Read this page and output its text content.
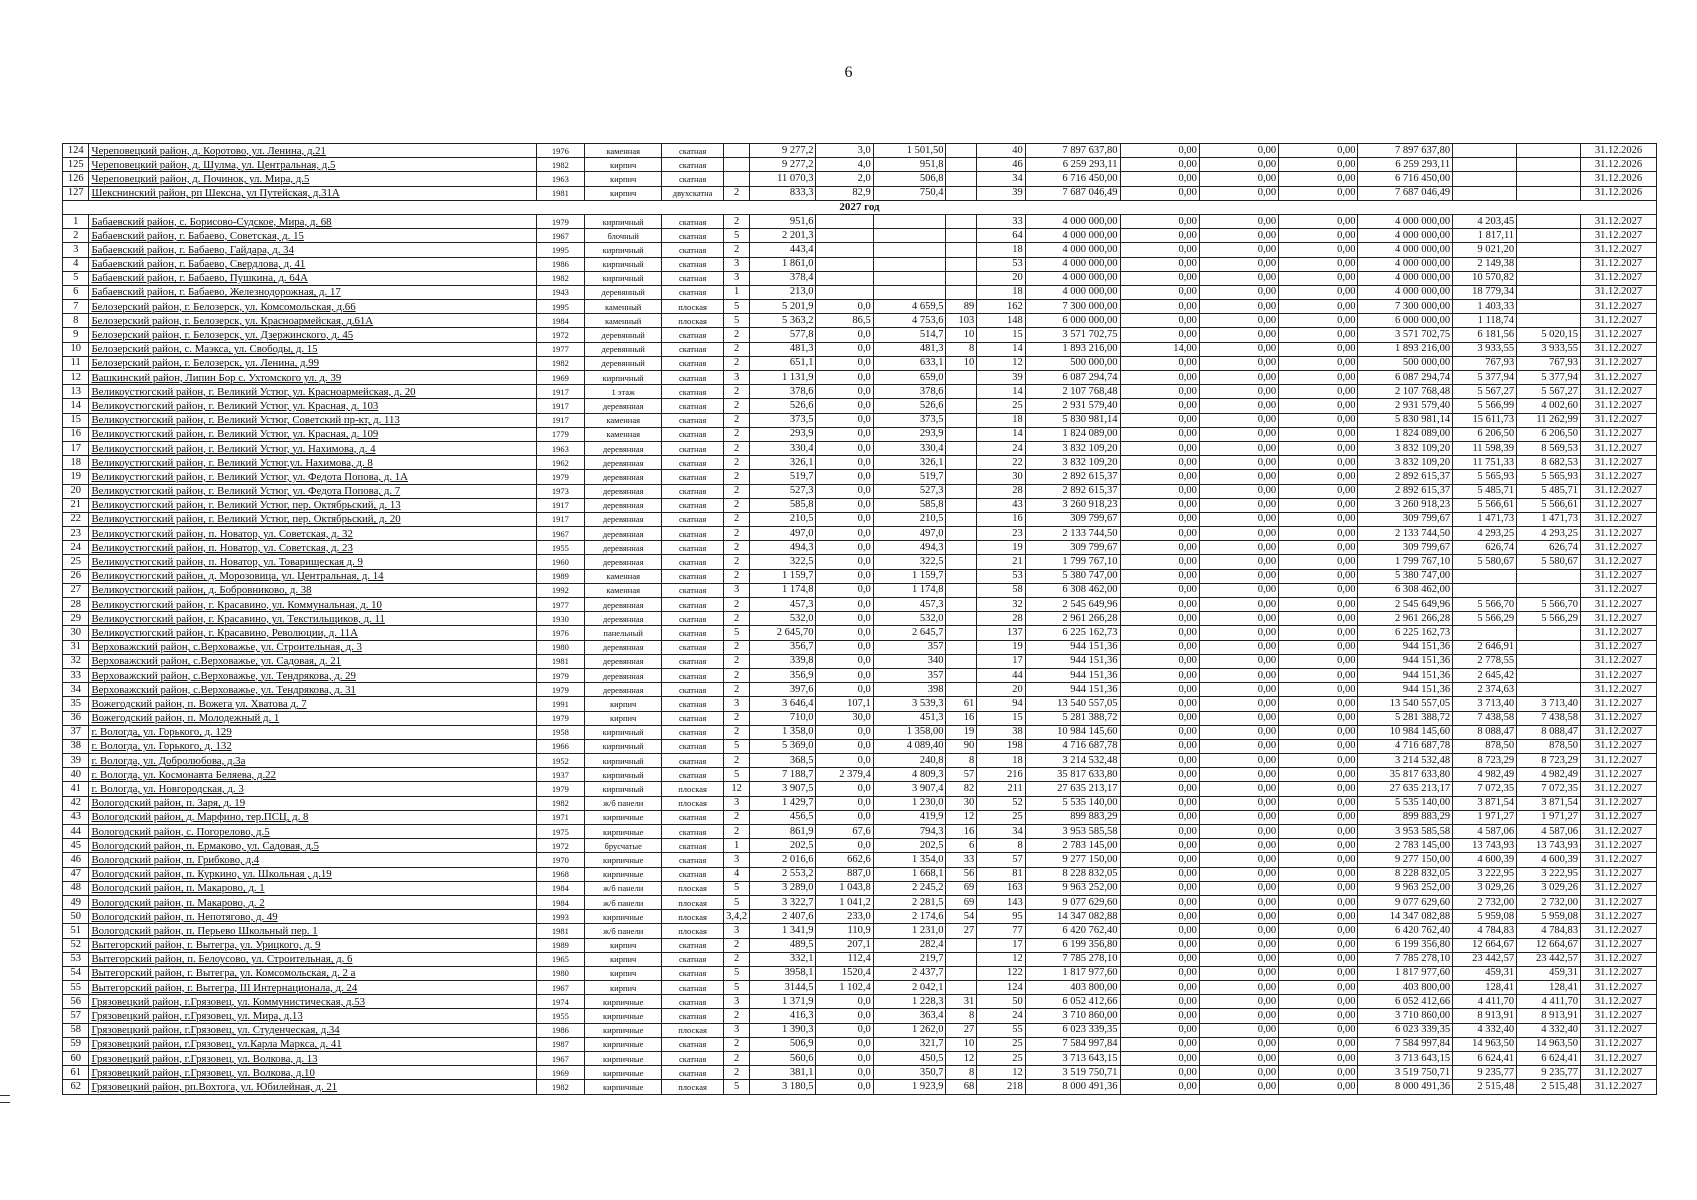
6
124	Череповецкий район, д. Коротово, ул. Ленина, д.21	1976	каменная	скатная		9 277,2	3,0	1 501,50		40	7 897 637,80	0,00	0,00	0,00	7 897 637,80			31.12.2026
125	Череповецкий район, д. Шулма, ул. Центральная, д.5	1982	кирпич	скатная		9 277,2	4,0	951,8		46	6 259 293,11	0,00	0,00	0,00	6 259 293,11			31.12.2026
126	Череповецкий район, д. Починок, ул. Мира, д.5	1963	кирпич	скатная		11 070,3	2,0	506,8		34	6 716 450,00	0,00	0,00	0,00	6 716 450,00			31.12.2026
127	Шекснинский район, рп Шексна, ул Путейская, д.31А	1981	кирпич	двухскатна	2	833,3	82,9	750,4		39	7 687 046,49	0,00	0,00	0,00	7 687 046,49			31.12.2026
2027 год																		
1	Бабаевский район, с. Борисово-Судское, Мира, д. 68	1979	кирпичный	скатная	2	951,6				33	4 000 000,00	0,00	0,00	0,00	4 000 000,00	4 203,45		31.12.2027
2	Бабаевский район, г. Бабаево, Советская, д. 15	1967	блочный	скатная	5	2 201,3				64	4 000 000,00	0,00	0,00	0,00	4 000 000,00	1 817,11		31.12.2027
3	Бабаевский район, г. Бабаево, Гайдара, д. 34	1995	кирпичный	скатная	2	443,4				18	4 000 000,00	0,00	0,00	0,00	4 000 000,00	9 021,20		31.12.2027
4	Бабаевский район, г. Бабаево, Свердлова, д. 41	1986	кирпичный	скатная	3	1 861,0				53	4 000 000,00	0,00	0,00	0,00	4 000 000,00	2 149,38		31.12.2027
5	Бабаевский район, г. Бабаево, Пушкина, д. 64А	1982	кирпичный	скатная	3	378,4				20	4 000 000,00	0,00	0,00	0,00	4 000 000,00	10 570,82		31.12.2027
6	Бабаевский район, г. Бабаево, Железнодорожная, д. 17	1943	деревянный	скатная	1	213,0				18	4 000 000,00	0,00	0,00	0,00	4 000 000,00	18 779,34		31.12.2027
7	Белозерский район, г. Белозерск, ул. Комсомольская, д.66	1995	каменный	плоская	5	5 201,9	0,0	4 659,5	89	162	7 300 000,00	0,00	0,00	0,00	7 300 000,00	1 403,33		31.12.2027
8	Белозерский район, г. Белозерск, ул. Красноармейская, д.61А	1984	каменный	плоская	5	5 363,2	86,5	4 753,6	103	148	6 000 000,00	0,00	0,00	0,00	6 000 000,00	1 118,74		31.12.2027
9	Белозерский район, г. Белозерск, ул. Дзержинского, д. 45	1972	деревянный	скатная	2	577,8	0,0	514,7	10	15	3 571 702,75	0,00	0,00	0,00	3 571 702,75	6 181,56	5 020,15	31.12.2027
10	Белозерский район, с. Маэкса, ул. Свободы, д. 15	1977	деревянный	скатная	2	481,3	0,0	481,3	8	14	1 893 216,00	14,00	0,00	0,00	1 893 216,00	3 933,55	3 933,55	31.12.2027
11	Белозерский район, г. Белозерск, ул. Ленина, д.99	1982	деревянный	скатная	2	651,1	0,0	633,1	10	12	500 000,00	0,00	0,00	0,00	500 000,00	767,93	767,93	31.12.2027
12	Вашкинский район, Липин Бор с. Ухтомского ул. д. 39	1969	кирпичный	скатная	3	1 131,9	0,0	659,0		39	6 087 294,74	0,00	0,00	0,00	6 087 294,74	5 377,94	5 377,94	31.12.2027
13	Великоустюгский район, г. Великий Устюг, ул. Красноармейская, д. 20	1917	1 этаж	скатная	2	378,6	0,0	378,6		14	2 107 768,48	0,00	0,00	0,00	2 107 768,48	5 567,27	5 567,27	31.12.2027
14	Великоустюгский район, г. Великий Устюг, ул. Красная, д. 103	1917	деревянная	скатная	2	526,6	0,0	526,6		25	2 931 579,40	0,00	0,00	0,00	2 931 579,40	5 566,99	4 002,60	31.12.2027
15	Великоустюгский район, г. Великий Устюг, Советский пр-кт, д. 113	1917	каменная	скатная	2	373,5	0,0	373,5		18	5 830 981,14	0,00	0,00	0,00	5 830 981,14	15 611,73	11 262,99	31.12.2027
16	Великоустюгский район, г. Великий Устюг, ул. Красная, д. 109	1779	каменная	скатная	2	293,9	0,0	293,9		14	1 824 089,00	0,00	0,00	0,00	1 824 089,00	6 206,50	6 206,50	31.12.2027
17	Великоустюгский район, г. Великий Устюг, ул. Нахимова, д. 4	1963	деревянная	скатная	2	330,4	0,0	330,4		24	3 832 109,20	0,00	0,00	0,00	3 832 109,20	11 598,39	8 569,53	31.12.2027
18	Великоустюгский район, г. Великий Устюг,ул. Нахимова, д. 8	1962	деревянная	скатная	2	326,1	0,0	326,1		22	3 832 109,20	0,00	0,00	0,00	3 832 109,20	11 751,33	8 682,53	31.12.2027
19	Великоустюгский район, г. Великий Устюг, ул. Федота Попова, д. 1А	1979	деревянная	скатная	2	519,7	0,0	519,7		30	2 892 615,37	0,00	0,00	0,00	2 892 615,37	5 565,93	5 565,93	31.12.2027
20	Великоустюгский район, г. Великий Устюг, ул. Федота Попова, д. 7	1973	деревянная	скатная	2	527,3	0,0	527,3		28	2 892 615,37	0,00	0,00	0,00	2 892 615,37	5 485,71	5 485,71	31.12.2027
21	Великоустюгский район, г. Великий Устюг, пер. Октябрьский, д. 13	1917	деревянная	скатная	2	585,8	0,0	585,8		43	3 260 918,23	0,00	0,00	0,00	3 260 918,23	5 566,61	5 566,61	31.12.2027
22	Великоустюгский район, г. Великий Устюг, пер. Октябрьский, д. 20	1917	деревянная	скатная	2	210,5	0,0	210,5		16	309 799,67	0,00	0,00	0,00	309 799,67	1 471,73	1 471,73	31.12.2027
23	Великоустюгский район, п. Новатор, ул. Советская, д. 32	1967	деревянная	скатная	2	497,0	0,0	497,0		23	2 133 744,50	0,00	0,00	0,00	2 133 744,50	4 293,25	4 293,25	31.12.2027
24	Великоустюгский район, п. Новатор, ул. Советская, д. 23	1955	деревянная	скатная	2	494,3	0,0	494,3		19	309 799,67	0,00	0,00	0,00	309 799,67	626,74	626,74	31.12.2027
25	Великоустюгский район, п. Новатор, ул. Товарищеская д. 9	1960	деревянная	скатная	2	322,5	0,0	322,5		21	1 799 767,10	0,00	0,00	0,00	1 799 767,10	5 580,67	5 580,67	31.12.2027
26	Великоустюгский район, д. Морозовица, ул. Центральная, д. 14	1989	каменная	скатная	2	1 159,7	0,0	1 159,7		53	5 380 747,00	0,00	0,00	0,00	5 380 747,00			31.12.2027
27	Великоустюгский район, д. Бобровниково, д. 38	1992	каменная	скатная	3	1 174,8	0,0	1 174,8		58	6 308 462,00	0,00	0,00	0,00	6 308 462,00			31.12.2027
28	Великоустюгский район, г. Красавино, ул. Коммунальная, д. 10	1977	деревянная	скатная	2	457,3	0,0	457,3		32	2 545 649,96	0,00	0,00	0,00	2 545 649,96	5 566,70	5 566,70	31.12.2027
29	Великоустюгский район, г. Красавино, ул. Текстильщиков, д. 11	1930	деревянная	скатная	2	532,0	0,0	532,0		28	2 961 266,28	0,00	0,00	0,00	2 961 266,28	5 566,29	5 566,29	31.12.2027
30	Великоустюгский район, г. Красавино, Революции, д. 11А	1976	панельный	скатная	5	2 645,70	0,0	2 645,7		137	6 225 162,73	0,00	0,00	0,00	6 225 162,73			31.12.2027
31	Верховажский район, с.Верховажье, ул. Строительная, д. 3	1980	деревянная	скатная	2	356,7	0,0	357		19	944 151,36	0,00	0,00	0,00	944 151,36	2 646,91		31.12.2027
32	Верховажский район, с.Верховажье, ул. Садовая, д. 21	1981	деревянная	скатная	2	339,8	0,0	340		17	944 151,36	0,00	0,00	0,00	944 151,36	2 778,55		31.12.2027
33	Верховажский район, с.Верховажье, ул. Тендрякова, д. 29	1979	деревянная	скатная	2	356,9	0,0	357		44	944 151,36	0,00	0,00	0,00	944 151,36	2 645,42		31.12.2027
34	Верховажский район, с.Верховажье, ул. Тендрякова, д. 31	1979	деревянная	скатная	2	397,6	0,0	398		20	944 151,36	0,00	0,00	0,00	944 151,36	2 374,63		31.12.2027
35	Вожегодский район, п. Вожега ул. Хватова д. 7	1991	кирпич	скатная	3	3 646,4	107,1	3 539,3	61	94	13 540 557,05	0,00	0,00	0,00	13 540 557,05	3 713,40	3 713,40	31.12.2027
36	Вожегодский район, п. Молодежный д. 1	1979	кирпич	скатная	2	710,0	30,0	451,3	16	15	5 281 388,72	0,00	0,00	0,00	5 281 388,72	7 438,58	7 438,58	31.12.2027
37	г. Вологда, ул. Горького, д. 129	1958	кирпичный	скатная	2	1 358,0	0,0	1 358,00	19	38	10 984 145,60	0,00	0,00	0,00	10 984 145,60	8 088,47	8 088,47	31.12.2027
38	г. Вологда, ул. Горького, д. 132	1966	кирпичный	скатная	5	5 369,0	0,0	4 089,40	90	198	4 716 687,78	0,00	0,00	0,00	4 716 687,78	878,50	878,50	31.12.2027
39	г. Вологда, ул. Добролюбова, д.3а	1952	кирпичный	скатная	2	368,5	0,0	240,8	8	18	3 214 532,48	0,00	0,00	0,00	3 214 532,48	8 723,29	8 723,29	31.12.2027
40	г. Вологда, ул. Космонавта Беляева, д.22	1937	кирпичный	скатная	5	7 188,7	2 379,4	4 809,3	57	216	35 817 633,80	0,00	0,00	0,00	35 817 633,80	4 982,49	4 982,49	31.12.2027
41	г. Вологда, ул. Новгородская, д. 3	1979	кирпичный	плоская	12	3 907,5	0,0	3 907,4	82	211	27 635 213,17	0,00	0,00	0,00	27 635 213,17	7 072,35	7 072,35	31.12.2027
42	Вологодский район, п. Заря, д. 19	1982	ж/б панели	плоская	3	1 429,7	0,0	1 230,0	30	52	5 535 140,00	0,00	0,00	0,00	5 535 140,00	3 871,54	3 871,54	31.12.2027
43	Вологодский район, д. Марфино, тер.ПСЦ, д. 8	1971	кирпичные	скатная	2	456,5	0,0	419,9	12	25	899 883,29	0,00	0,00	0,00	899 883,29	1 971,27	1 971,27	31.12.2027
44	Вологодский район, с. Погорелово, д.5	1975	кирпичные	скатная	2	861,9	67,6	794,3	16	34	3 953 585,58	0,00	0,00	0,00	3 953 585,58	4 587,06	4 587,06	31.12.2027
45	Вологодский район, п. Ермаково, ул. Садовая, д.5	1972	брусчатые	скатная	1	202,5	0,0	202,5	6	8	2 783 145,00	0,00	0,00	0,00	2 783 145,00	13 743,93	13 743,93	31.12.2027
46	Вологодский район, п. Грибково, д.4	1970	кирпичные	скатная	3	2 016,6	662,6	1 354,0	33	57	9 277 150,00	0,00	0,00	0,00	9 277 150,00	4 600,39	4 600,39	31.12.2027
47	Вологодский район, п. Куркино, ул. Школьная , д.19	1968	кирпичные	скатная	4	2 553,2	887,0	1 668,1	56	81	8 228 832,05	0,00	0,00	0,00	8 228 832,05	3 222,95	3 222,95	31.12.2027
48	Вологодский район, п. Макарово, д. 1	1984	ж/б панели	плоская	5	3 289,0	1 043,8	2 245,2	69	163	9 963 252,00	0,00	0,00	0,00	9 963 252,00	3 029,26	3 029,26	31.12.2027
49	Вологодский район, п. Макарово, д. 2	1984	ж/б панели	плоская	5	3 322,7	1 041,2	2 281,5	69	143	9 077 629,60	0,00	0,00	0,00	9 077 629,60	2 732,00	2 732,00	31.12.2027
50	Вологодский район, п. Непотягово, д. 49	1993	кирпичные	плоская	3,4,2	2 407,6	233,0	2 174,6	54	95	14 347 082,88	0,00	0,00	0,00	14 347 082,88	5 959,08	5 959,08	31.12.2027
51	Вологодский район, п. Перьево Школьный пер. 1	1981	ж/б панели	плоская	3	1 341,9	110,9	1 231,0	27	77	6 420 762,40	0,00	0,00	0,00	6 420 762,40	4 784,83	4 784,83	31.12.2027
52	Вытегорский район, г. Вытегра, ул. Урицкого, д. 9	1989	кирпич	скатная	2	489,5	207,1	282,4		17	6 199 356,80	0,00	0,00	0,00	6 199 356,80	12 664,67	12 664,67	31.12.2027
53	Вытегорский район, п. Белоусово, ул. Строительная, д. 6	1965	кирпич	скатная	2	332,1	112,4	219,7		12	7 785 278,10	0,00	0,00	0,00	7 785 278,10	23 442,57	23 442,57	31.12.2027
54	Вытегорский район, г. Вытегра, ул. Комсомольская, д. 2 а	1980	кирпич	скатная	5	3958,1	1520,4	2 437,7		122	1 817 977,60	0,00	0,00	0,00	1 817 977,60	459,31	459,31	31.12.2027
55	Вытегорский район, г. Вытегра, III Интернационала, д. 24	1967	кирпич	скатная	5	3144,5	1 102,4	2 042,1		124	403 800,00	0,00	0,00	0,00	403 800,00	128,41	128,41	31.12.2027
56	Грязовецкий район, г.Грязовец, ул. Коммунистическая, д.53	1974	кирпичные	скатная	3	1 371,9	0,0	1 228,3	31	50	6 052 412,66	0,00	0,00	0,00	6 052 412,66	4 411,70	4 411,70	31.12.2027
57	Грязовецкий район, г.Грязовец, ул. Мира, д.13	1955	кирпичные	скатная	2	416,3	0,0	363,4	8	24	3 710 860,00	0,00	0,00	0,00	3 710 860,00	8 913,91	8 913,91	31.12.2027
58	Грязовецкий район, г.Грязовец, ул. Студенческая, д.34	1986	кирпичные	плоская	3	1 390,3	0,0	1 262,0	27	55	6 023 339,35	0,00	0,00	0,00	6 023 339,35	4 332,40	4 332,40	31.12.2027
59	Грязовецкий район, г.Грязовец, ул.Карла Маркса, д. 41	1987	кирпичные	скатная	2	506,9	0,0	321,7	10	25	7 584 997,84	0,00	0,00	0,00	7 584 997,84	14 963,50	14 963,50	31.12.2027
60	Грязовецкий район, г.Грязовец, ул. Волкова, д. 13	1967	кирпичные	скатная	2	560,6	0,0	450,5	12	25	3 713 643,15	0,00	0,00	0,00	3 713 643,15	6 624,41	6 624,41	31.12.2027
61	Грязовецкий район, г.Грязовец, ул. Волкова, д.10	1969	кирпичные	скатная	2	381,1	0,0	350,7	8	12	3 519 750,71	0,00	0,00	0,00	3 519 750,71	9 235,77	9 235,77	31.12.2027
62	Грязовецкий район, рп.Вохтога, ул. Юбилейная, д. 21	1982	кирпичные	плоская	5	3 180,5	0,0	1 923,9	68	218	8 000 491,36	0,00	0,00	0,00	8 000 491,36	2 515,48	2 515,48	31.12.2027
